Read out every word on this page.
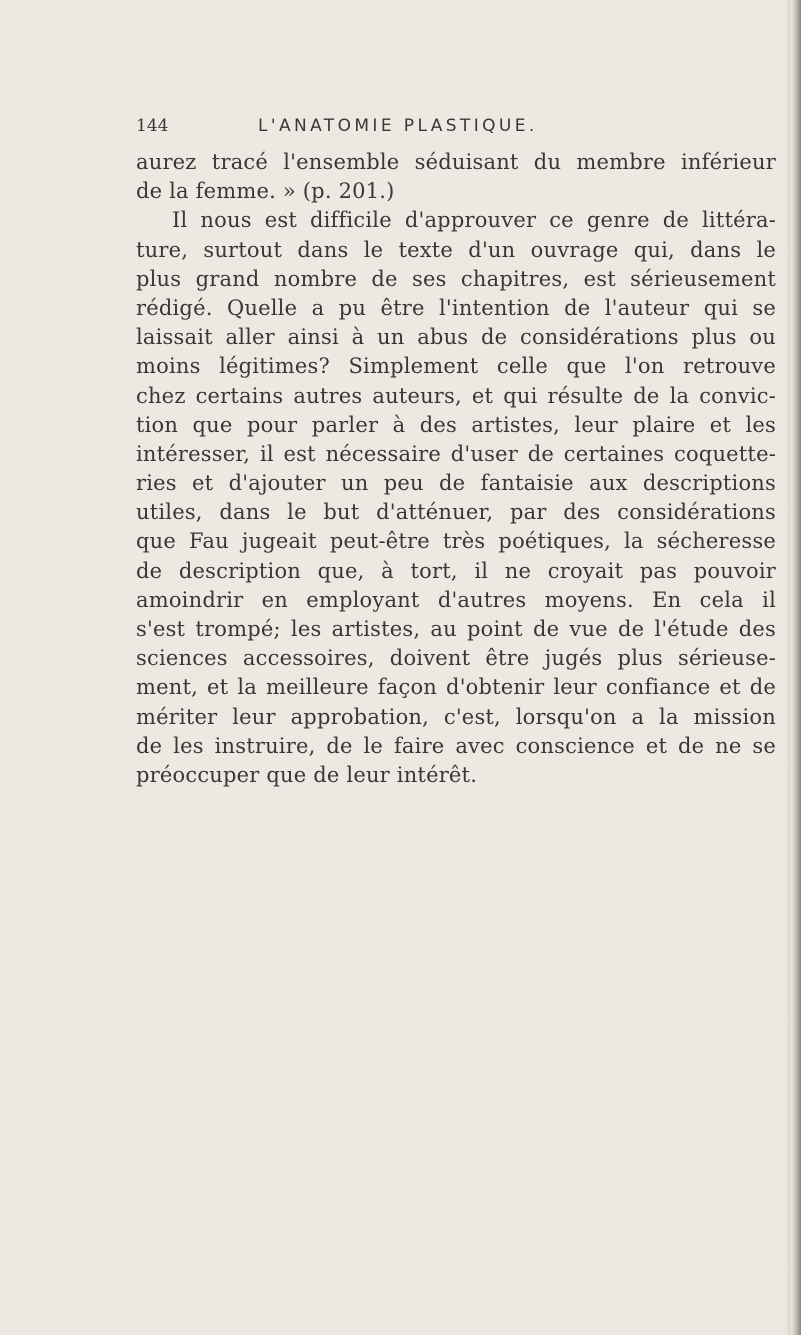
144	L'ANATOMIE PLASTIQUE.
aurez tracé l'ensemble séduisant du membre inférieur
de la femme. » (p. 201.)
Il nous est difficile d'approuver ce genre de littéra-
ture, surtout dans le texte d'un ouvrage qui, dans le
plus grand nombre de ses chapitres, est sérieusement
rédigé. Quelle a pu être l'intention de l'auteur qui se
laissait aller ainsi à un abus de considérations plus ou
moins légitimes? Simplement celle que l'on retrouve
chez certains autres auteurs, et qui résulte de la convic-
tion que pour parler à des artistes, leur plaire et les
intéresser, il est nécessaire d'user de certaines coquette-
ries et d'ajouter un peu de fantaisie aux descriptions
utiles, dans le but d'atténuer, par des considérations
que Fau jugeait peut-être très poétiques, la sécheresse
de description que, à tort, il ne croyait pas pouvoir
amoindrir en employant d'autres moyens. En cela il
s'est trompé; les artistes, au point de vue de l'étude des
sciences accessoires, doivent être jugés plus sérieuse-
ment, et la meilleure façon d'obtenir leur confiance et de
mériter leur approbation, c'est, lorsqu'on a la mission
de les instruire, de le faire avec conscience et de ne se
préoccuper que de leur intérêt.
